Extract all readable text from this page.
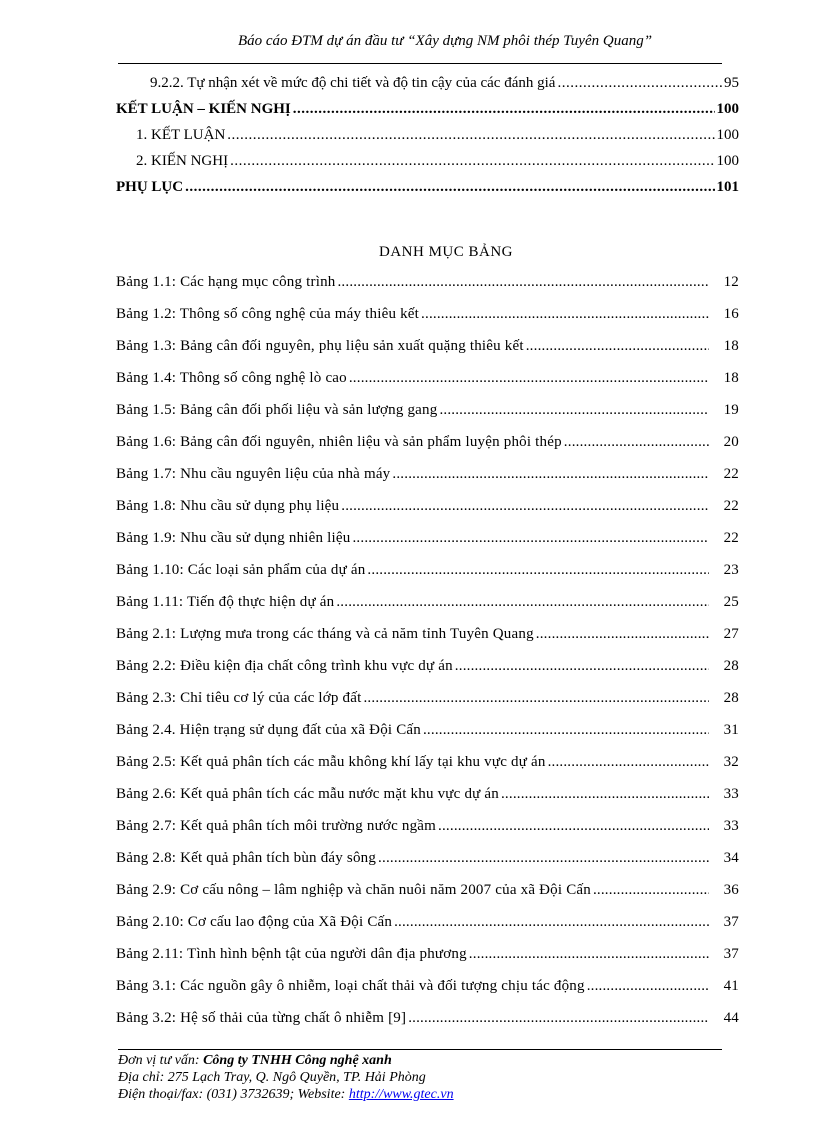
Báo cáo ĐTM dự án đầu tư “Xây dựng NM phôi thép Tuyên Quang”
9.2.2. Tự nhận xét về mức độ chi tiết và độ tin cậy của các đánh giá .....	95
KẾT LUẬN – KIẾN NGHỊ .....	100
1. KẾT LUẬN .....	100
2. KIẾN NGHỊ .....	100
PHỤ LỤC .....	101
DANH MỤC BẢNG
Bảng 1.1: Các hạng mục công trình .....	12
Bảng 1.2: Thông số công nghệ của máy thiêu kết .....	16
Bảng 1.3: Bảng cân đối nguyên, phụ liệu sản xuất quặng thiêu kết .....	18
Bảng 1.4: Thông số công nghệ lò cao .....	18
Bảng 1.5: Bảng cân đối phối liệu và sản lượng gang .....	19
Bảng 1.6: Bảng cân đối nguyên, nhiên liệu và sản phẩm luyện phôi thép .....	20
Bảng 1.7: Nhu cầu nguyên liệu của nhà máy .....	22
Bảng 1.8: Nhu cầu sử dụng phụ liệu .....	22
Bảng 1.9: Nhu cầu sử dụng nhiên liệu .....	22
Bảng 1.10: Các loại sản phẩm của dự án .....	23
Bảng 1.11: Tiến độ thực hiện dự án .....	25
Bảng 2.1: Lượng mưa trong các tháng và cả năm tỉnh Tuyên Quang .....	27
Bảng 2.2: Điều kiện địa chất công trình khu vực dự án .....	28
Bảng 2.3: Chỉ tiêu cơ lý của các lớp đất .....	28
Bảng 2.4. Hiện trạng sử dụng đất của xã Đội Cấn .....	31
Bảng 2.5: Kết quả phân tích các mẫu không khí lấy tại khu vực dự án .....	32
Bảng 2.6: Kết quả phân tích các mẫu nước mặt khu vực dự án .....	33
Bảng 2.7: Kết quả phân tích môi trường nước ngầm .....	33
Bảng 2.8: Kết quả phân tích bùn đáy sông .....	34
Bảng 2.9: Cơ cấu nông – lâm nghiệp và chăn nuôi năm 2007 của xã Đội Cấn .....	36
Bảng 2.10: Cơ cấu lao động của Xã Đội Cấn .....	37
Bảng 2.11: Tình hình bệnh tật của người dân địa phương .....	37
Bảng 3.1: Các nguồn gây ô nhiễm, loại chất thải và đối tượng chịu tác động .....	41
Bảng 3.2: Hệ số thải của từng chất ô nhiễm [9] .....	44
Đơn vị tư vấn: Công ty TNHH Công nghệ xanh
Địa chỉ: 275 Lạch Tray, Q. Ngô Quyền, TP. Hải Phòng
Điện thoại/fax: (031) 3732639; Website: http://www.gtec.vn
